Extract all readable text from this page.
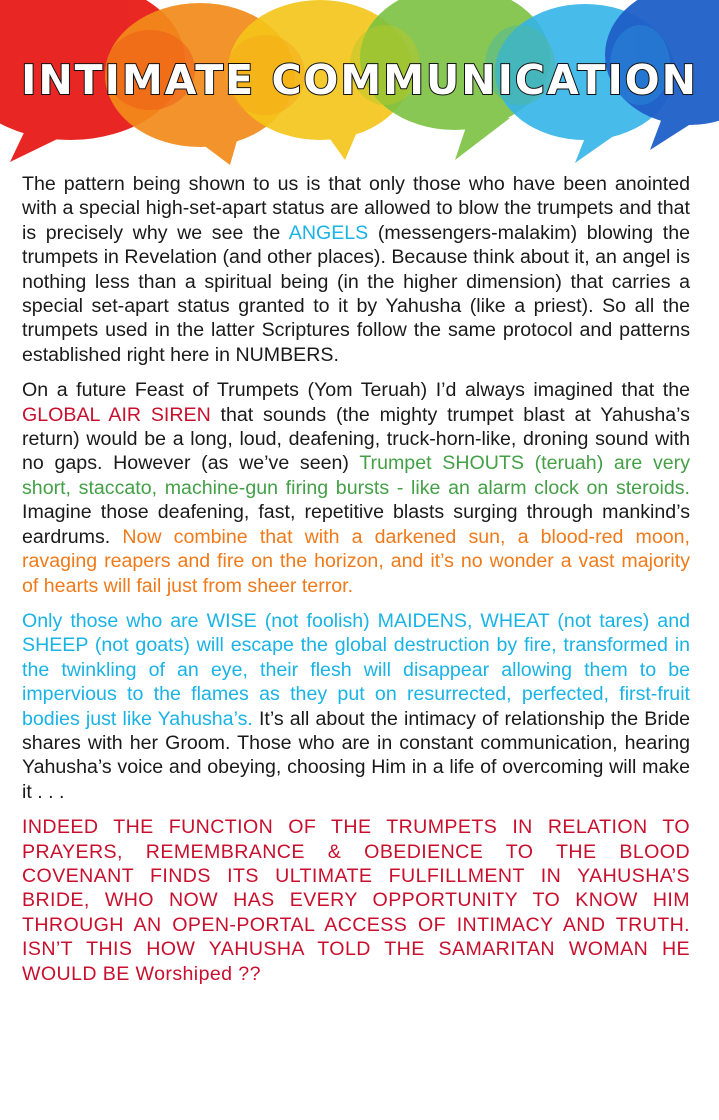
INTIMATE COMMUNICATION

The pattern being shown to us is that only those who have been anointed with a special high-set-apart status are allowed to blow the trumpets and that is precisely why we see the ANGELS (messengers-malakim) blowing the trumpets in Revelation (and other places). Because think about it, an angel is nothing less than a spiritual being (in the higher dimension) that carries a special set-apart status granted to it by Yahusha (like a priest). So all the trumpets used in the latter Scriptures follow the same protocol and patterns established right here in NUMBERS.

On a future Feast of Trumpets (Yom Teruah) I’d always imagined that the GLOBAL AIR SIREN that sounds (the mighty trumpet blast at Yahusha’s return) would be a long, loud, deafening, truck-horn-like, droning sound with no gaps. However (as we’ve seen) Trumpet SHOUTS (teruah) are very short, staccato, machine-gun firing bursts - like an alarm clock on steroids. Imagine those deafening, fast, repetitive blasts surging through mankind’s eardrums. Now combine that with a darkened sun, a blood-red moon, ravaging reapers and fire on the horizon, and it’s no wonder a vast majority of hearts will fail just from sheer terror.

Only those who are WISE (not foolish) MAIDENS, WHEAT (not tares) and SHEEP (not goats) will escape the global destruction by fire, transformed in the twinkling of an eye, their flesh will disappear allowing them to be impervious to the flames as they put on resurrected, perfected, first-fruit bodies just like Yahusha’s. It’s all about the intimacy of relationship the Bride shares with her Groom. Those who are in constant communication, hearing Yahusha’s voice and obeying, choosing Him in a life of overcoming will make it . . .

INDEED THE FUNCTION OF THE TRUMPETS IN RELATION TO PRAYERS, REMEMBRANCE & OBEDIENCE TO THE BLOOD COVENANT FINDS ITS ULTIMATE FULFILLMENT IN YAHUSHA’S BRIDE, WHO NOW HAS EVERY OPPORTUNITY TO KNOW HIM THROUGH AN OPEN-PORTAL ACCESS OF INTIMACY AND TRUTH. ISN’T THIS HOW YAHUSHA TOLD THE SAMARITAN WOMAN HE WOULD BE Worshiped ??
